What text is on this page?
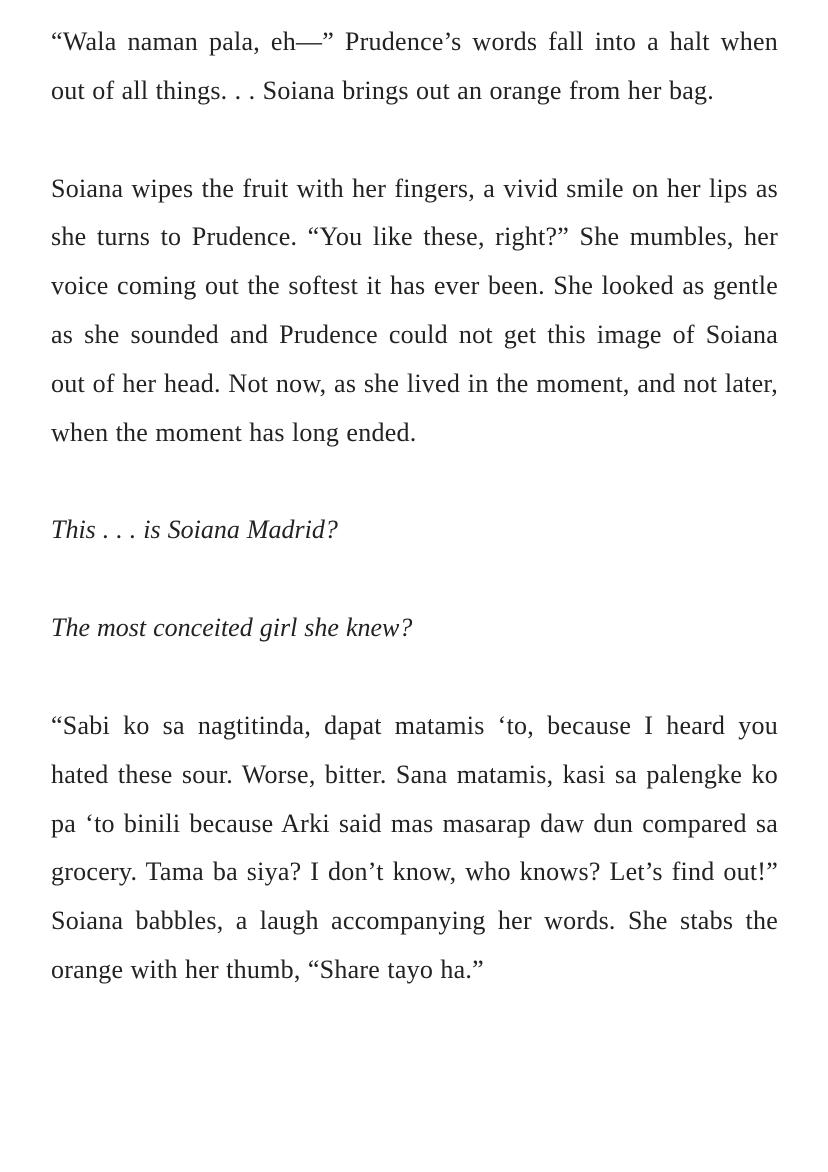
“Wala naman pala, eh—” Prudence’s words fall into a halt when out of all things. . . Soiana brings out an orange from her bag.

Soiana wipes the fruit with her fingers, a vivid smile on her lips as she turns to Prudence. “You like these, right?” She mumbles, her voice coming out the softest it has ever been. She looked as gentle as she sounded and Prudence could not get this image of Soiana out of her head. Not now, as she lived in the moment, and not later, when the moment has long ended.

This . . . is Soiana Madrid?

The most conceited girl she knew?

“Sabi ko sa nagtitinda, dapat matamis ‘to, because I heard you hated these sour. Worse, bitter. Sana matamis, kasi sa palengke ko pa ‘to binili because Arki said mas masarap daw dun compared sa grocery. Tama ba siya? I don’t know, who knows? Let’s find out!” Soiana babbles, a laugh accompanying her words. She stabs the orange with her thumb, “Share tayo ha.”
